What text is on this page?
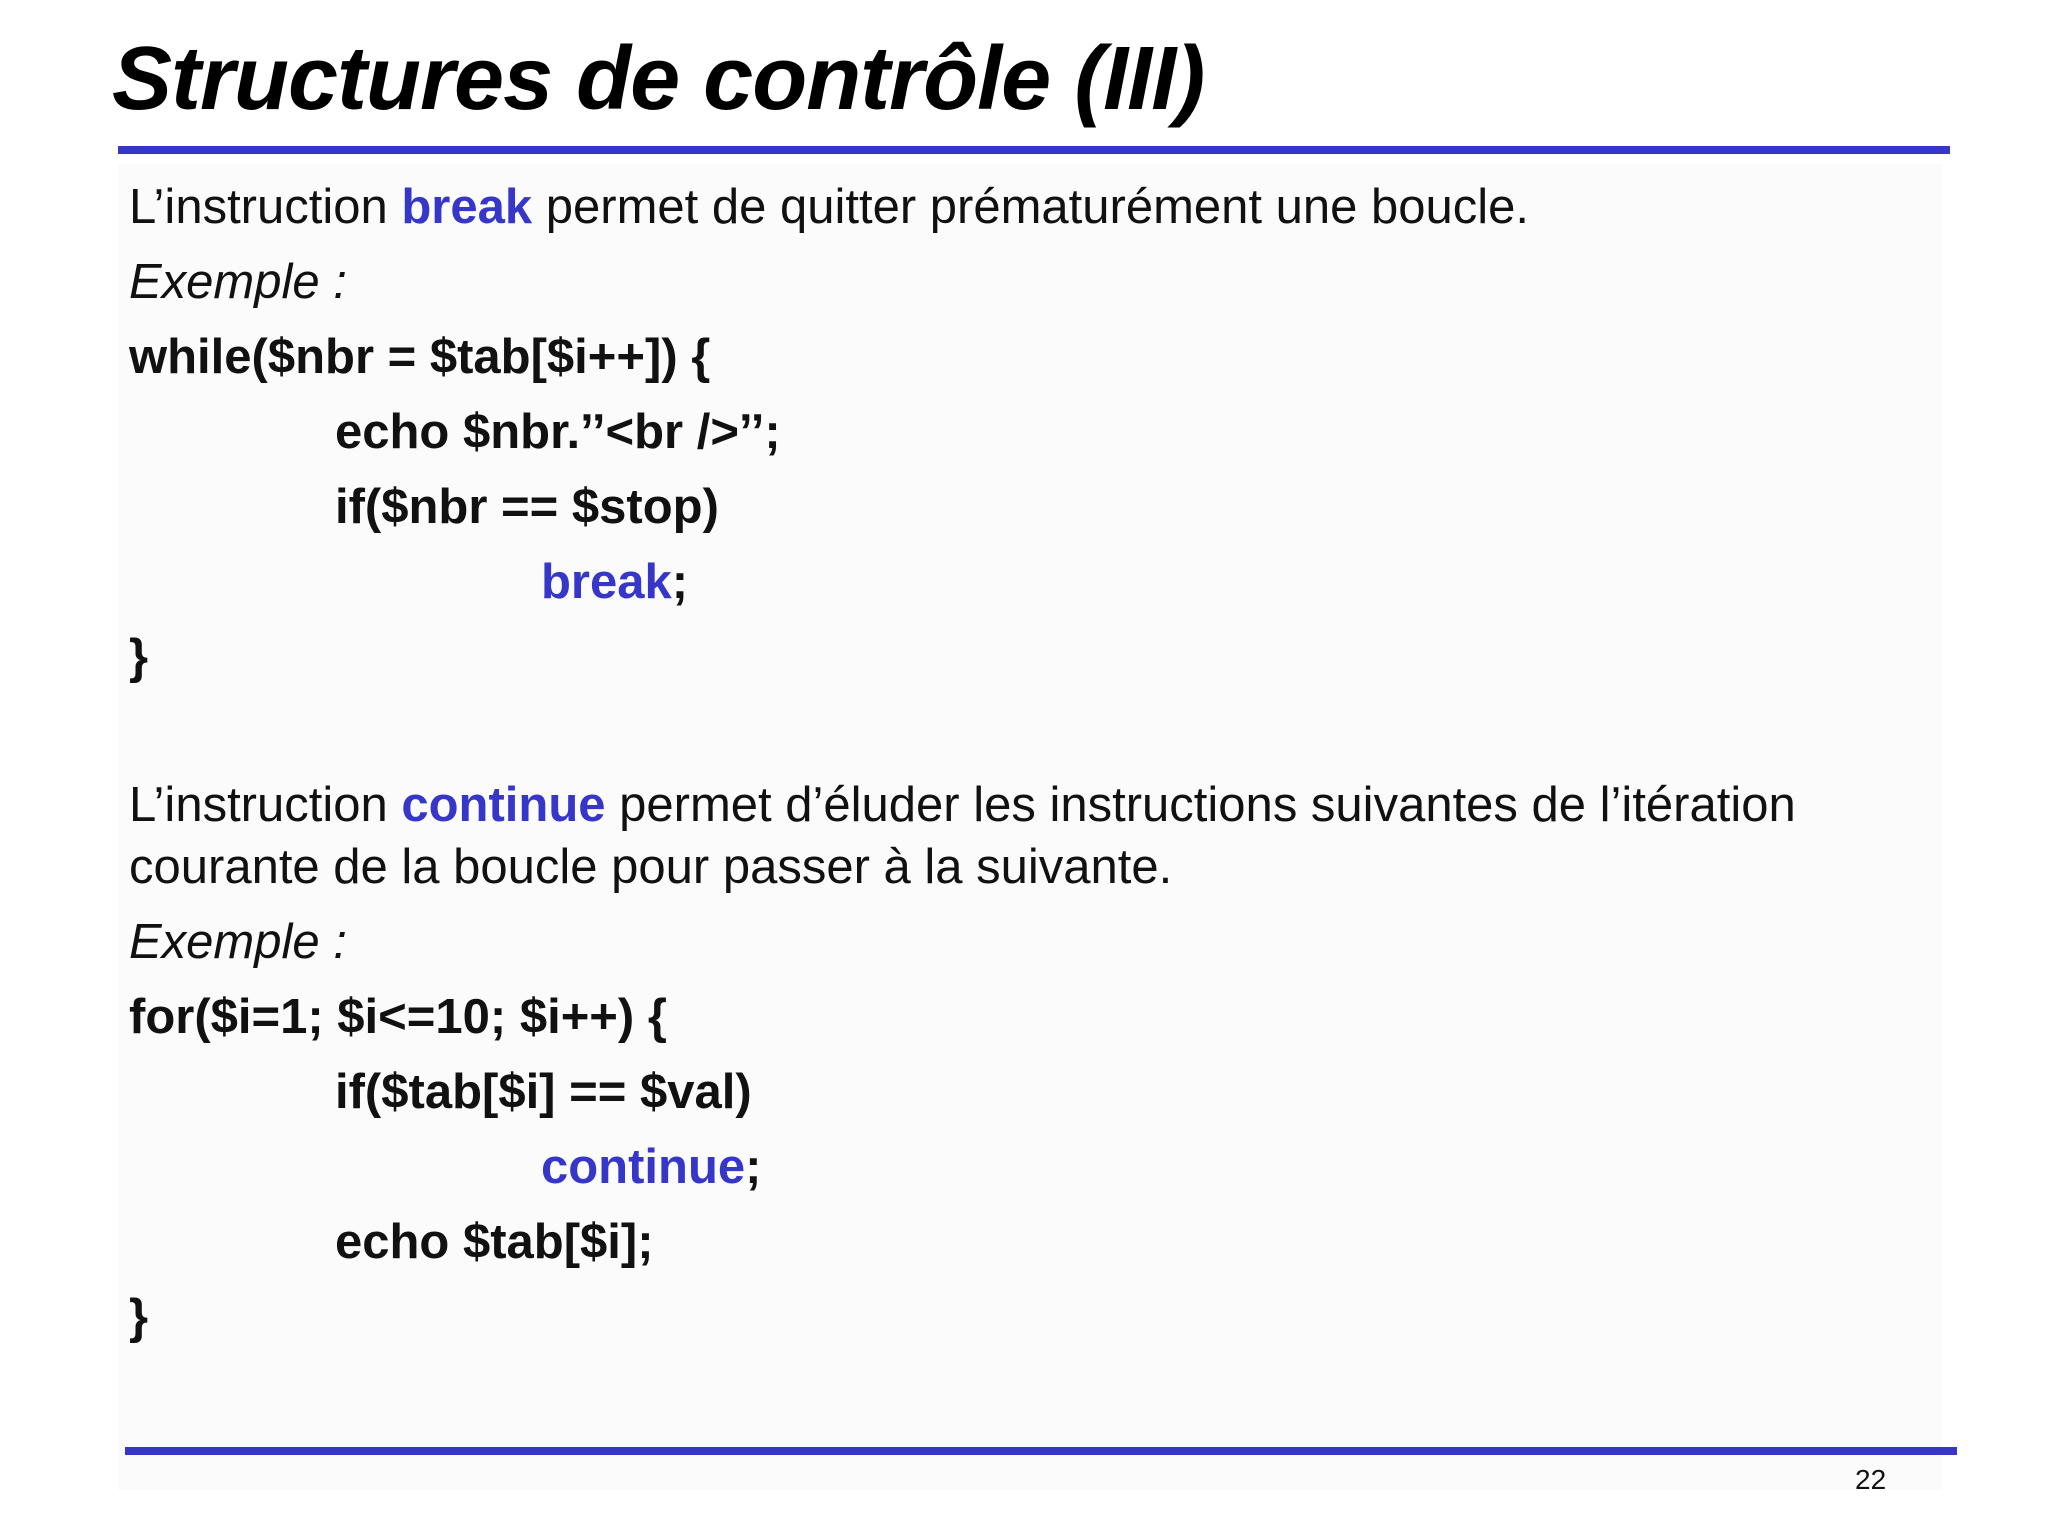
Structures de contrôle (III)
L’instruction break permet de quitter prématurément une boucle.
Exemple :
while($nbr = $tab[$i++]) {
echo $nbr.’’<br />’’;
if($nbr == $stop)
break;
}
L’instruction continue permet d’éluder les instructions suivantes de l’itération
courante de la boucle pour passer à la suivante.
Exemple :
for($i=1; $i<=10; $i++) {
if($tab[$i] == $val)
continue;
echo $tab[$i];
}
22
